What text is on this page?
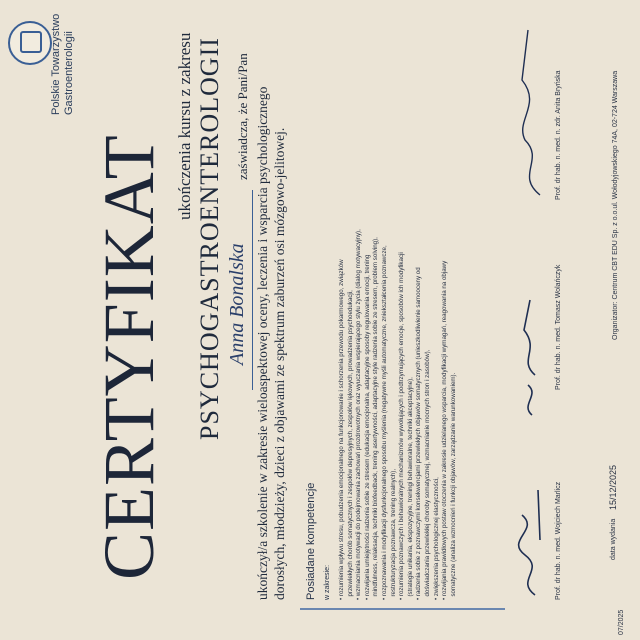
Polskie Towarzystwo Gastroenterologii
CERTYFIKAT
ukończenia kursu z zakresu PSYCHOGASTROENTEROLOGII zaświadcza, że Pani/Pan
Anna Bonalska ukończył/a szkolenie w zakresie wieloaspektowej oceny, leczenia i wsparcia psychologicznego dorosłych, młodzieży, dzieci z objawami ze spektrum zaburzeń osi mózgowo-jelitowej. Posiadane kompetencje w zakresie: • rozumienia wpływu stresu, pobudzenia emocjonalnego na funkcjonowanie i schorzenia przewodu pokarmowego, związków przewlekłych chorób somatycznych i zespołów depresyjnych, zespołów lękowych, prowadzenia psychoedukacji,
• wzmacniania motywacji do podejmowania zachowań prozdrowotnych oraz wyuczania wspierającego stylu życia (dialog motywacyjny),
• rozwijania umiejętności radzenia sobie ze stresem (edukacja emocjonalna, adaptacyjne sposoby regulowania emocji, trening mindfulness, relaksacja, techniki biofeedback, trening asertywności, adaptacyjne style radzenia sobie ze stresem, problem solving),
• rozpoznawania i modyfikacji dysfunkcjonalnego sposobu myślenia (negatywne myśli automatyczne, zniekształcenia poznawcze, restrukturyzacja poznawcza, trening realnych),
• rozumienia poznawczych i behawioralnych mechanizmów wywołujących i podtrzymujących emocje, sposobów ich modyfikacji (strategie unikania, ekspozycyjne, treningi behawioralne, techniki akceptacyjne),
• radzenia sobie z poznawczymi konsekwencjami przewlekłych objawów somatycznych (unieszkodliwienie samooceny od doświadczania przewlekłej choroby somatycznej, wzmacnianie mocnych stron i zasobów),
• zwiększenia psychologicznej elastyczności,
• rozwijania prawidłowych postaw otoczenia w zakresie udzielanego wsparcia, modyfikacji wymagań, reagowania na objawy somatyczne (analiza wzmocnień i funkcji objawów, zarządzanie warunkowaniem).	Prof. dr hab. n. med. Wojciech Marlicz
Prof. dr hab. n. med. Tomasz Wolańczyk
Prof. dr hab. n. med. n. zdr. Anita Bryńska
07/2025
data wydania
15/12/2025
Organizator: Centrum CBT EDU Sp. z o.o.ul. Wołodyjowskiego 74A, 02-724 Warszawa
